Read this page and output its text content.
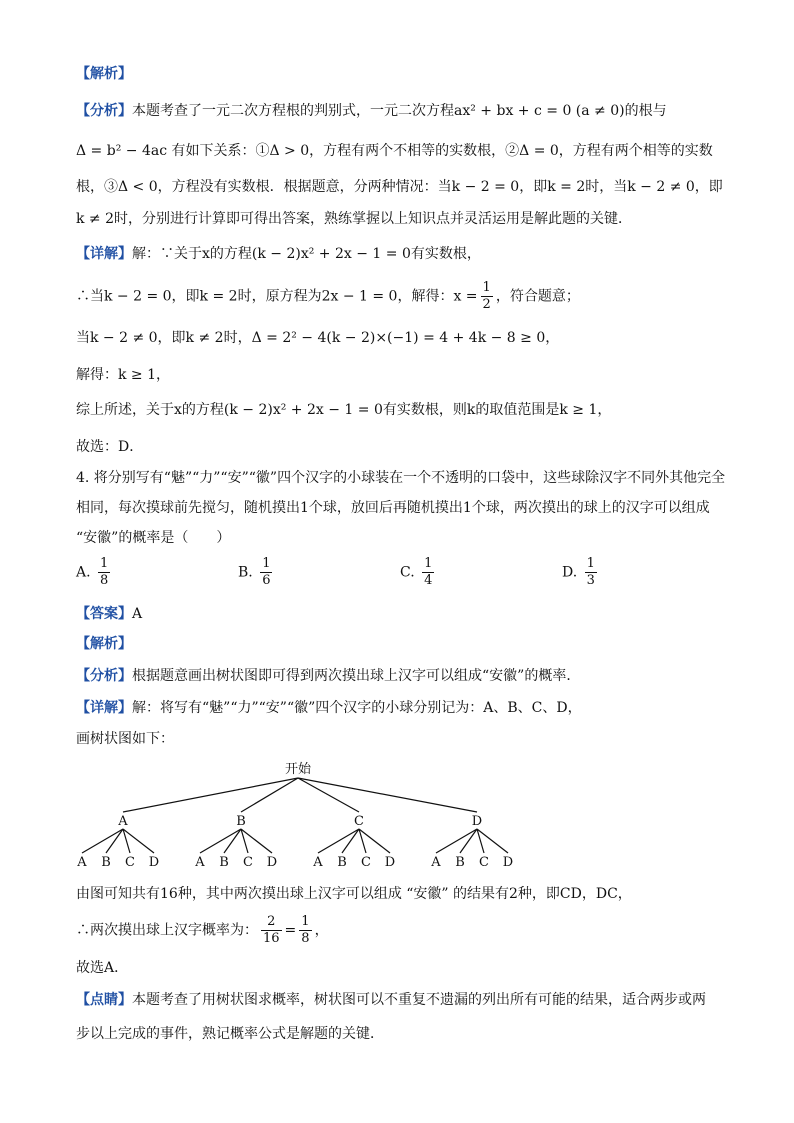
【解析】
【分析】本题考查了一元二次方程根的判别式，一元二次方程ax² + bx + c = 0 (a ≠ 0)的根与
Δ = b² − 4ac 有如下关系：①Δ > 0，方程有两个不相等的实数根，②Δ = 0，方程有两个相等的实数
根，③Δ < 0，方程没有实数根．根据题意，分两种情况：当k − 2 = 0，即k = 2时，当k − 2 ≠ 0，即
k ≠ 2时，分别进行计算即可得出答案，熟练掌握以上知识点并灵活运用是解此题的关键．
【详解】解：∵关于x的方程(k − 2)x² + 2x − 1 = 0有实数根，
∴当k − 2 = 0，即k = 2时，原方程为2x − 1 = 0，解得：$x = \frac{1}{2}$ ，符合题意；
当k − 2 ≠ 0，即k ≠ 2时，Δ = 2² − 4(k − 2)×(−1) = 4 + 4k − 8 ≥ 0，
解得：k ≥ 1，
综上所述，关于x的方程(k − 2)x² + 2x − 1 = 0有实数根，则k的取值范围是k ≥ 1，
故选：D．
4. 将分别写有“魅”“力”“安”“徽”四个汉字的小球装在一个不透明的口袋中，这些球除汉字不同外其他完全
相同，每次摸球前先搅匀，随机摸出1个球，放回后再随机摸出1个球，两次摸出的球上的汉字可以组成
“安徽”的概率是（　　）
A. $\frac{1}{8}$	B. $\frac{1}{6}$	C. $\frac{1}{4}$	D. $\frac{1}{3}$
【答案】A
【解析】
【分析】根据题意画出树状图即可得到两次摸出球上汉字可以组成“安徽”的概率．
【详解】解：将写有“魅”“力”“安”“徽”四个汉字的小球分别记为：A、B、C、D，
画树状图如下：
开始
A
A B C D
B
A B C D
C
A B C D
D
A B C D
由图可知共有16种，其中两次摸出球上汉字可以组成 “安徽” 的结果有2种，即CD，DC，
∴两次摸出球上汉字概率为： $\frac{2}{16} = \frac{1}{8}$ ，
故选A．
【点睛】本题考查了用树状图求概率，树状图可以不重复不遗漏的列出所有可能的结果，适合两步或两
步以上完成的事件，熟记概率公式是解题的关键．
